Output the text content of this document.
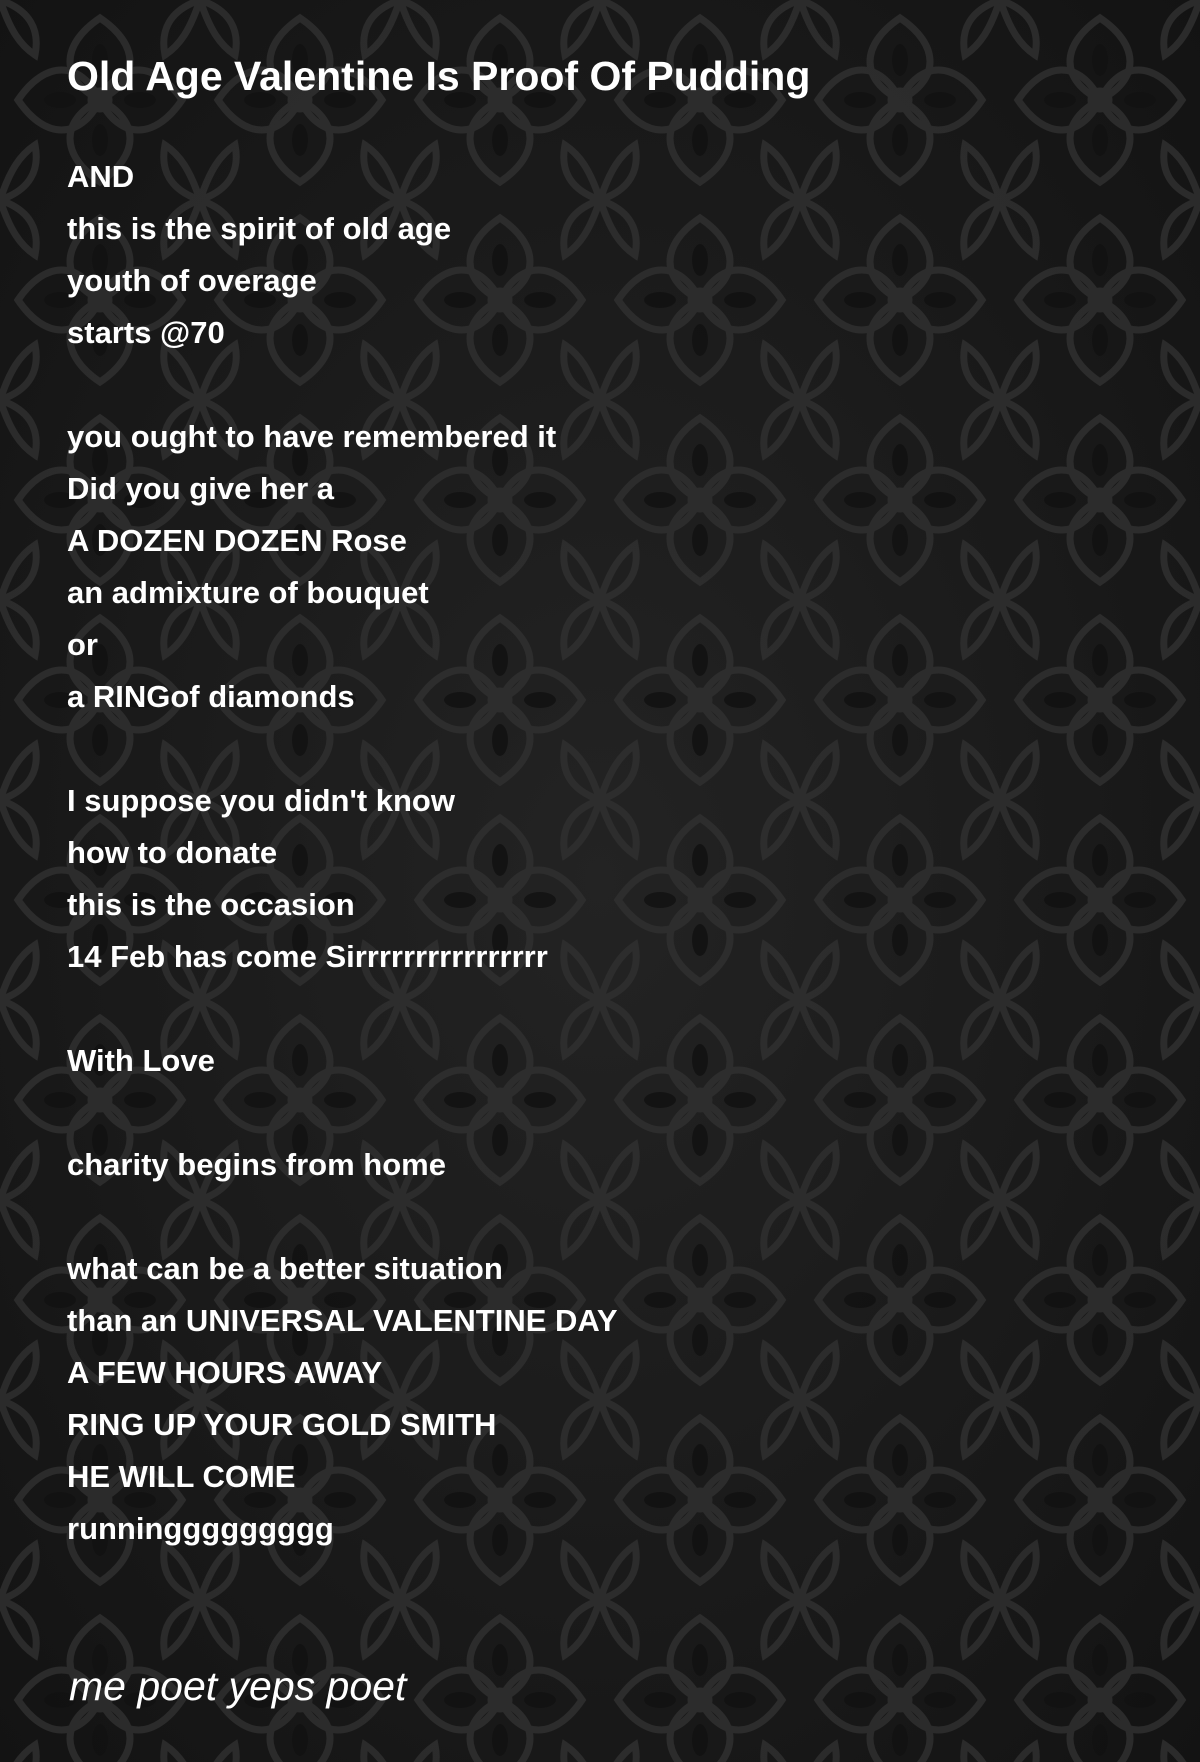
Old Age Valentine Is Proof Of Pudding
AND
this is the spirit of old age
youth of overage
starts @70
you ought to have remembered it
Did you give her a
A DOZEN DOZEN Rose
an admixture of bouquet
or
a RINGof diamonds
I suppose you didn't know
how to donate
this is the occasion
14 Feb has come Sirrrrrrrrrrrrrrrr
With Love
charity begins from home
what can be a better situation
than an UNIVERSAL VALENTINE DAY
A FEW HOURS AWAY
RING UP YOUR GOLD SMITH
HE WILL COME
runninggggggggg

me poet yeps poet
